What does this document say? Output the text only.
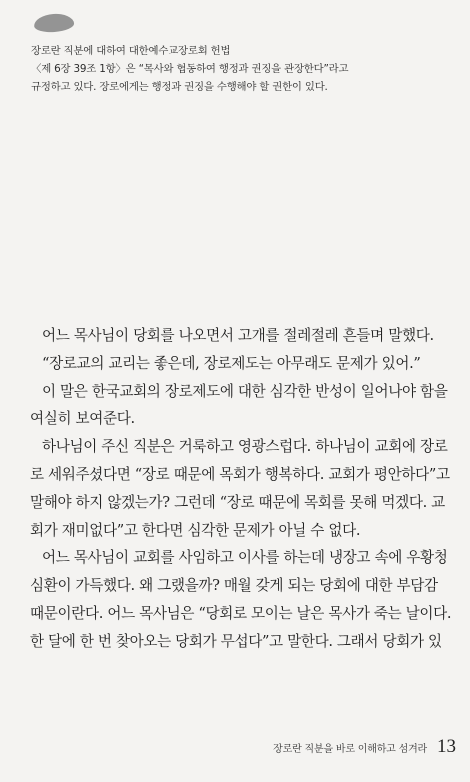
장로란 직분에 대하여 대한예수교장로회 헌법

〈제 6장 39조 1항〉은 “목사와 협동하여 행정과 권징을 관장한다”라고

규정하고 있다. 장로에게는 행정과 권징을 수행해야 할 권한이 있다.

어느 목사님이 당회를 나오면서 고개를 절레절레 흔들며 말했다.

“장로교의 교리는 좋은데, 장로제도는 아무래도 문제가 있어.”

이 말은 한국교회의 장로제도에 대한 심각한 반성이 일어나야 함을

여실히 보여준다.

하나님이 주신 직분은 거룩하고 영광스럽다. 하나님이 교회에 장로

로 세워주셨다면 “장로 때문에 목회가 행복하다. 교회가 평안하다”고

말해야 하지 않겠는가? 그런데 “장로 때문에 목회를 못해 먹겠다. 교

회가 재미없다”고 한다면 심각한 문제가 아닐 수 없다.

어느 목사님이 교회를 사임하고 이사를 하는데 냉장고 속에 우황청

심환이 가득했다. 왜 그랬을까? 매월 갖게 되는 당회에 대한 부담감

때문이란다. 어느 목사님은 “당회로 모이는 날은 목사가 죽는 날이다.

한 달에 한 번 찾아오는 당회가 무섭다”고 말한다. 그래서 당회가 있

장로란 직분을 바로 이해하고 섬겨라 13
